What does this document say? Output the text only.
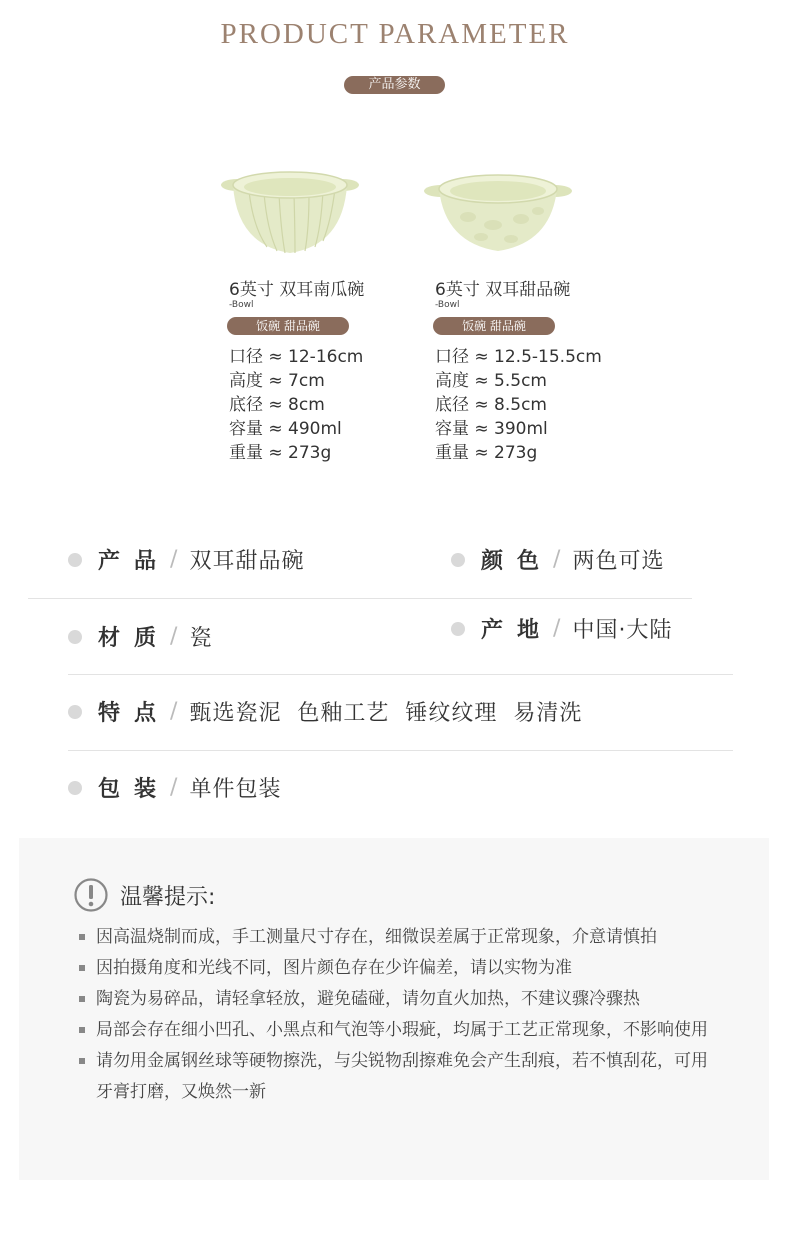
PRODUCT PARAMETER
产品参数
6英寸 双耳南瓜碗
-Bowl
饭碗 甜品碗
口径 ≈ 12-16cm
高度 ≈ 7cm
底径 ≈ 8cm
容量 ≈ 490ml
重量 ≈ 273g
6英寸 双耳甜品碗
-Bowl
饭碗 甜品碗
口径 ≈ 12.5-15.5cm
高度 ≈ 5.5cm
底径 ≈ 8.5cm
容量 ≈ 390ml
重量 ≈ 273g
产品 / 双耳甜品碗	颜色 / 两色可选
材质 / 瓷	产地 / 中国·大陆
特点 / 甄选瓷泥  色釉工艺  锤纹纹理  易清洗
包装 / 单件包装
温馨提示:
因高温烧制而成，手工测量尺寸存在，细微误差属于正常现象，介意请慎拍
因拍摄角度和光线不同，图片颜色存在少许偏差，请以实物为准
陶瓷为易碎品，请轻拿轻放，避免磕碰，请勿直火加热，不建议骤冷骤热
局部会存在细小凹孔、小黑点和气泡等小瑕疵，均属于工艺正常现象，不影响使用
请勿用金属钢丝球等硬物擦洗，与尖锐物刮擦难免会产生刮痕，若不慎刮花，可用牙膏打磨，又焕然一新
